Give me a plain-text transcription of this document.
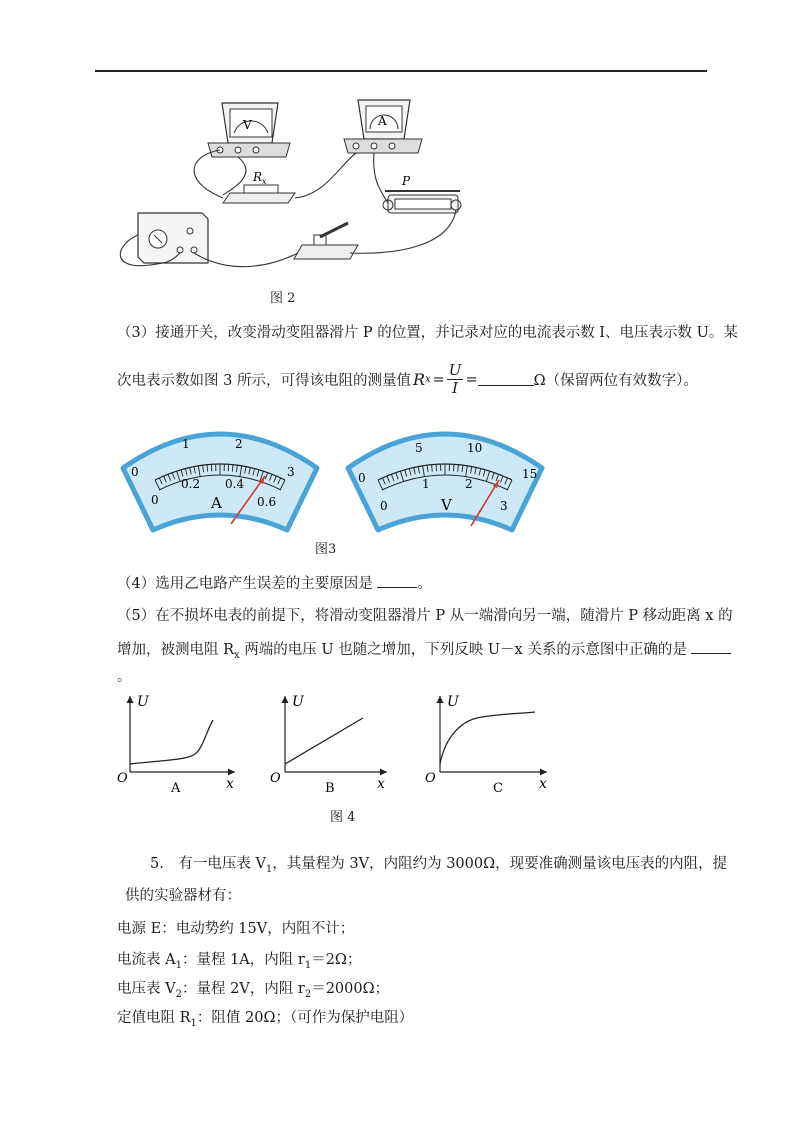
V	A
R x	P
图 2
（3）接通开关，改变滑动变阻器滑片 P 的位置，并记录对应的电流表示数 I、电压表示数 U。某
次电表示数如图 3 所示，可得该电阻的测量值 R $x = \frac{U}{I}$ =	Ω（保留两位有效数字）。
0
1	2
3
0
0.2 0.4
0.6
A
0
5	10
15
0
1	2
3
V
图3
（4）选用乙电路产生误差的主要原因是	。
（5）在不损坏电表的前提下，将滑动变阻器滑片 P 从一端滑向另一端，随滑片 P 移动距离 x 的
增加，被测电阻 $R_x$ 两端的电压 U 也随之增加，下列反映 U－x 关系的示意图中正确的是
。
U
O	x
A
U
O	x
B
U
O	x
C
图 4
5.　有一电压表 $V_1$，其量程为 3V，内阻约为 3000Ω，现要准确测量该电压表的内阻，提
供的实验器材有：
电源 E：电动势约 15V，内阻不计；
电流表 $A_1$：量程 1A，内阻 $r_1=2\Omega$；
电压表 $V_2$：量程 2V，内阻 $r_2=2000\Omega$；
定值电阻 $R_1$：阻值 20Ω；（可作为保护电阻）
